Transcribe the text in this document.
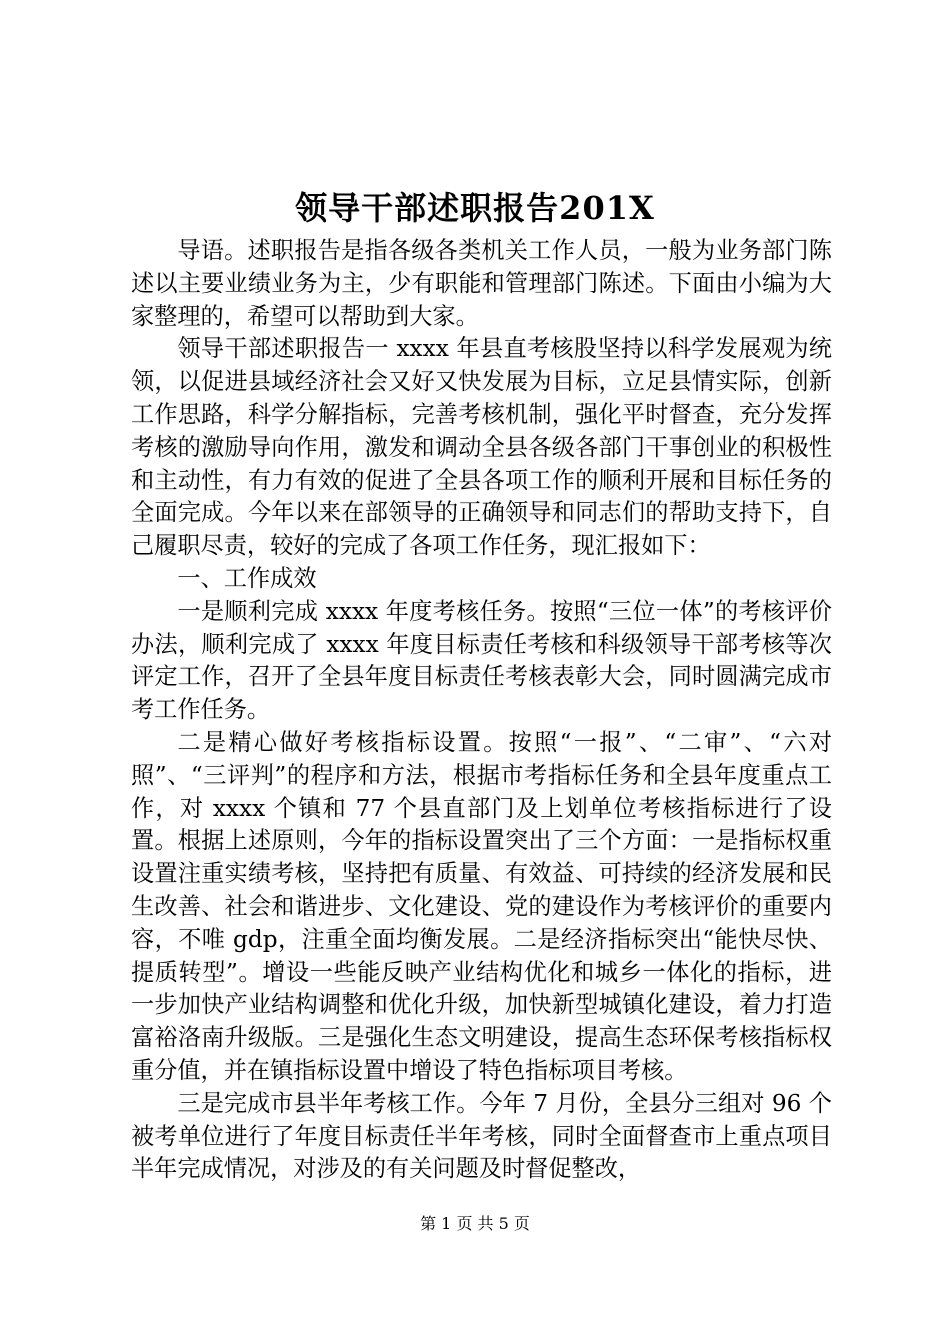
领导干部述职报告201X

导语。述职报告是指各级各类机关工作人员，一般为业务部门陈述以主要业绩业务为主，少有职能和管理部门陈述。下面由小编为大家整理的，希望可以帮助到大家。

领导干部述职报告一 xxxx 年县直考核股坚持以科学发展观为统领，以促进县域经济社会又好又快发展为目标，立足县情实际，创新工作思路，科学分解指标，完善考核机制，强化平时督查，充分发挥考核的激励导向作用，激发和调动全县各级各部门干事创业的积极性和主动性，有力有效的促进了全县各项工作的顺利开展和目标任务的全面完成。今年以来在部领导的正确领导和同志们的帮助支持下，自己履职尽责，较好的完成了各项工作任务，现汇报如下：

一、工作成效

一是顺利完成 xxxx 年度考核任务。按照“三位一体”的考核评价办法，顺利完成了 xxxx 年度目标责任考核和科级领导干部考核等次评定工作，召开了全县年度目标责任考核表彰大会，同时圆满完成市考工作任务。

二是精心做好考核指标设置。按照“一报”、“二审”、“六对照”、“三评判”的程序和方法，根据市考指标任务和全县年度重点工作，对 xxxx 个镇和 77 个县直部门及上划单位考核指标进行了设置。根据上述原则，今年的指标设置突出了三个方面：一是指标权重设置注重实绩考核，坚持把有质量、有效益、可持续的经济发展和民生改善、社会和谐进步、文化建设、党的建设作为考核评价的重要内容，不唯 gdp，注重全面均衡发展。二是经济指标突出“能快尽快、提质转型”。增设一些能反映产业结构优化和城乡一体化的指标，进一步加快产业结构调整和优化升级，加快新型城镇化建设，着力打造富裕洛南升级版。三是强化生态文明建设，提高生态环保考核指标权重分值，并在镇指标设置中增设了特色指标项目考核。

三是完成市县半年考核工作。今年 7 月份，全县分三组对 96 个被考单位进行了年度目标责任半年考核，同时全面督查市上重点项目半年完成情况，对涉及的有关问题及时督促整改，

第 1 页 共 5 页
